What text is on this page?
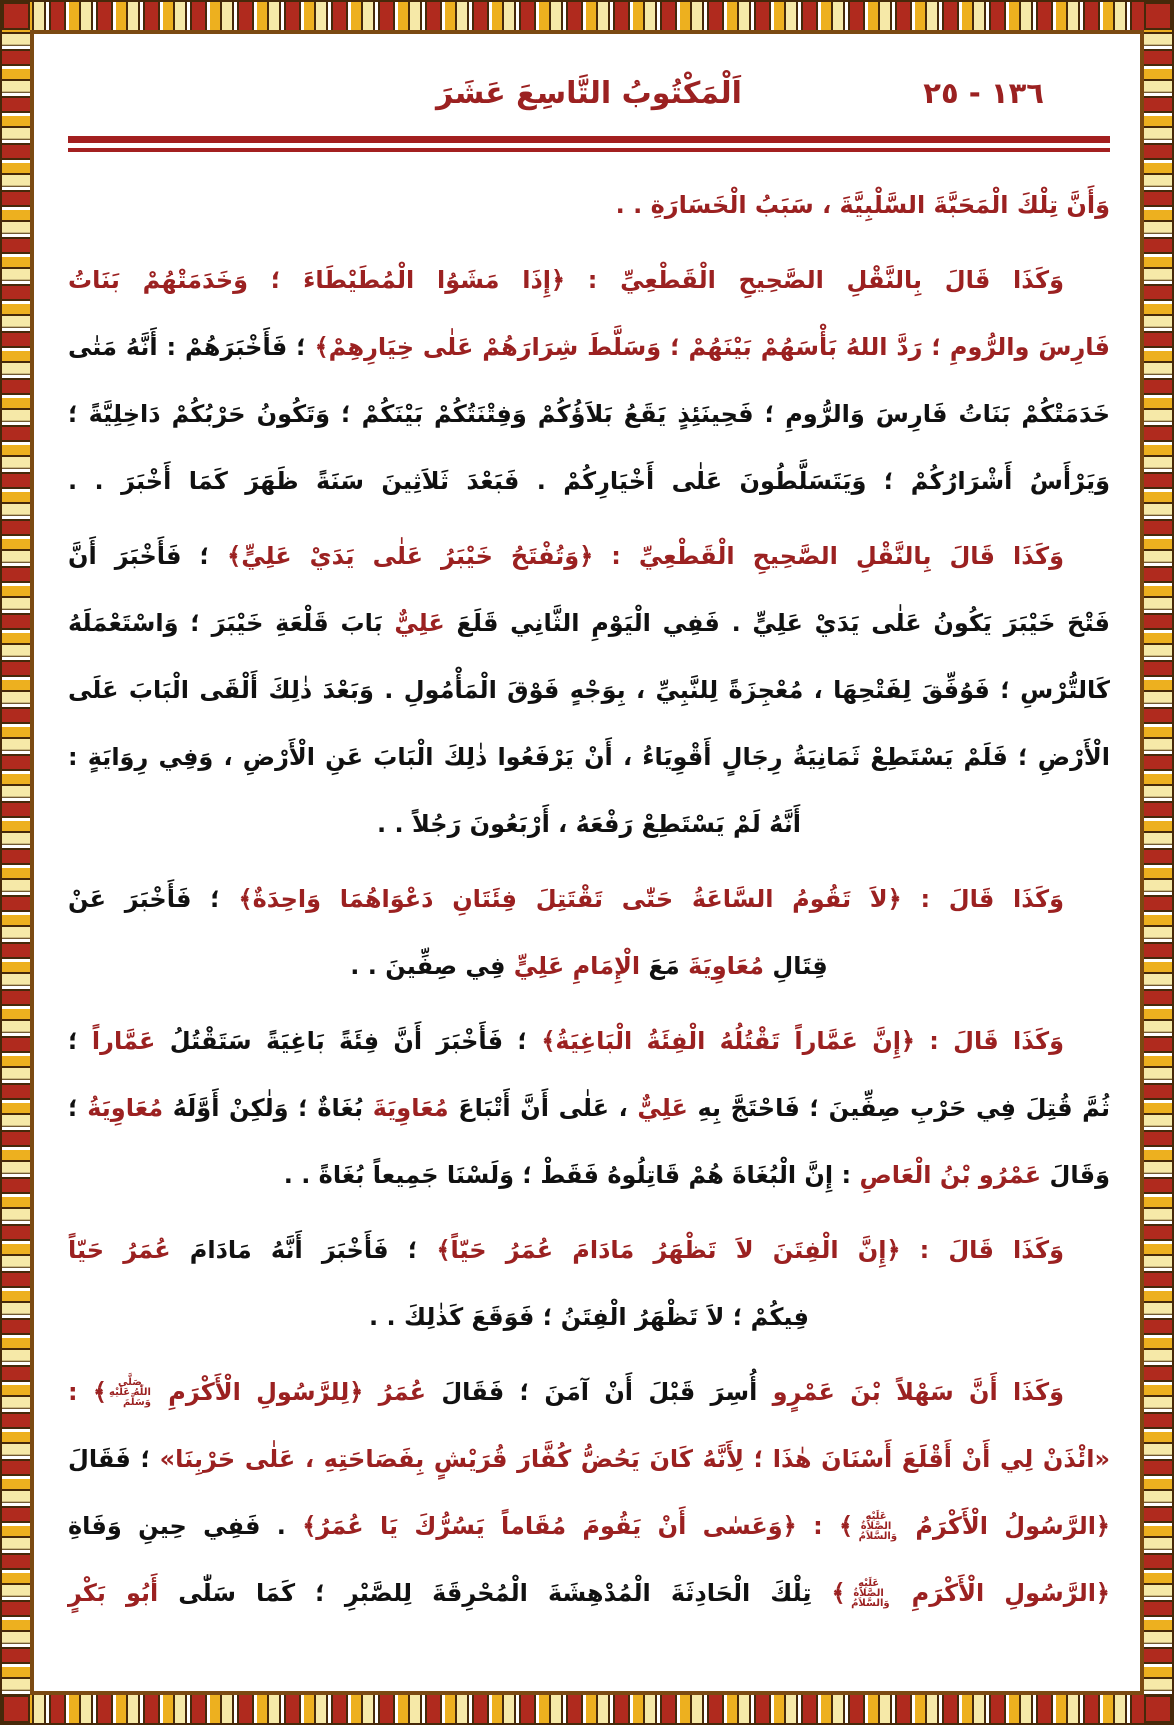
١٣٦ - ٢٥
اَلْمَكْتُوبُ التَّاسِعَ عَشَرَ
وَأَنَّ تِلْكَ الْمَحَبَّةَ السَّلْبِيَّةَ ، سَبَبُ الْخَسَارَةِ . .
وَكَذَا قَالَ بِالنَّقْلِ الصَّحِيحِ الْقَطْعِيِّ : ﴿إِذَا مَشَوُا الْمُطَيْطَاءَ ؛ وَخَدَمَتْهُمْ بَنَاتُ
فَارِسَ والرُّومِ ؛ رَدَّ اللهُ بَأْسَهُمْ بَيْنَهُمْ ؛ وَسَلَّطَ شِرَارَهُمْ عَلٰى خِيَارِهِمْ﴾ ؛ فَأَخْبَرَهُمْ : أَنَّهُ مَتٰى
خَدَمَتْكُمْ بَنَاتُ فَارِسَ وَالرُّومِ ؛ فَحِينَئِذٍ يَقَعُ بَلاَؤُكُمْ وَفِتْنَتُكُمْ بَيْنَكُمْ ؛ وَتَكُونُ حَرْبُكُمْ دَاخِلِيَّةً ؛
وَيَرْأَسُ أَشْرَارُكُمْ ؛ وَيَتَسَلَّطُونَ عَلٰى أَخْيَارِكُمْ . فَبَعْدَ ثَلاَثِينَ سَنَةً ظَهَرَ كَمَا أَخْبَرَ . .
وَكَذَا قَالَ بِالنَّقْلِ الصَّحِيحِ الْقَطْعِيِّ : ﴿وَتُفْتَحُ خَيْبَرُ عَلٰى يَدَيْ عَلِيٍّ﴾ ؛ فَأَخْبَرَ أَنَّ
فَتْحَ خَيْبَرَ يَكُونُ عَلٰى يَدَيْ عَلِيٍّ . فَفِي الْيَوْمِ الثَّانِي قَلَعَ عَلِيٌّ بَابَ قَلْعَةِ خَيْبَرَ ؛ وَاسْتَعْمَلَهُ
كَالتُّرْسِ ؛ فَوُفِّقَ لِفَتْحِهَا ، مُعْجِزَةً لِلنَّبِيِّ ، بِوَجْهٍ فَوْقَ الْمَأْمُولِ . وَبَعْدَ ذٰلِكَ أَلْقَى الْبَابَ عَلَى
الْأَرْضِ ؛ فَلَمْ يَسْتَطِعْ ثَمَانِيَةُ رِجَالٍ أَقْوِيَاءُ ، أَنْ يَرْفَعُوا ذٰلِكَ الْبَابَ عَنِ الْأَرْضِ ، وَفِي رِوَايَةٍ :
أَنَّهُ لَمْ يَسْتَطِعْ رَفْعَهُ ، أَرْبَعُونَ رَجُلاً . .
وَكَذَا قَالَ : ﴿لاَ تَقُومُ السَّاعَةُ حَتّٰى تَقْتَتِلَ فِئَتَانِ دَعْوَاهُمَا وَاحِدَةٌ﴾ ؛ فَأَخْبَرَ عَنْ
قِتَالِ مُعَاوِيَةَ مَعَ الْإِمَامِ عَلِيٍّ فِي صِفِّينَ . .
وَكَذَا قَالَ : ﴿إِنَّ عَمَّاراً تَقْتُلُهُ الْفِئَةُ الْبَاغِيَةُ﴾ ؛ فَأَخْبَرَ أَنَّ فِئَةً بَاغِيَةً سَتَقْتُلُ عَمَّاراً ؛
ثُمَّ قُتِلَ فِي حَرْبِ صِفِّينَ ؛ فَاحْتَجَّ بِهِ عَلِيٌّ ، عَلٰى أَنَّ أَتْبَاعَ مُعَاوِيَةَ بُغَاةٌ ؛ وَلٰكِنْ أَوَّلَهُ مُعَاوِيَةُ ؛
وَقَالَ عَمْرُو بْنُ الْعَاصِ : إِنَّ الْبُغَاةَ هُمْ قَاتِلُوهُ فَقَطْ ؛ وَلَسْنَا جَمِيعاً بُغَاةً . .
وَكَذَا قَالَ : ﴿إِنَّ الْفِتَنَ لاَ تَظْهَرُ مَادَامَ عُمَرُ حَيّاً﴾ ؛ فَأَخْبَرَ أَنَّهُ مَادَامَ عُمَرُ حَيّاً
فِيكُمْ ؛ لاَ تَظْهَرُ الْفِتَنُ ؛ فَوَقَعَ كَذٰلِكَ . .
وَكَذَا أَنَّ سَهْلاً بْنَ عَمْرٍو أُسِرَ قَبْلَ أَنْ آمَنَ ؛ فَقَالَ عُمَرُ ﴿لِلرَّسُولِ الْأَكْرَمِ صَلَّى اللّٰهُ عَلَيْهِ وَسَلَّمَ﴾ :
«ائْذَنْ لِي أَنْ أَقْلَعَ أَسْنَانَ هٰذَا ؛ لِأَنَّهُ كَانَ يَحُضُّ كُفَّارَ قُرَيْشٍ بِفَصَاحَتِهِ ، عَلٰى حَرْبِنَا» ؛ فَقَالَ
﴿الرَّسُولُ الْأَكْرَمُ عَلَيْهِ الصَّلاَةُ وَالسَّلاَمُ﴾ : ﴿وَعَسٰى أَنْ يَقُومَ مُقَاماً يَسُرُّكَ يَا عُمَرُ﴾ . فَفِي حِينِ وَفَاةِ
﴿الرَّسُولِ الْأَكْرَمِ عَلَيْهِ الصَّلاَةُ وَالسَّلاَمُ﴾ تِلْكَ الْحَادِثَةَ الْمُدْهِشَةَ الْمُحْرِقَةَ لِلصَّبْرِ ؛ كَمَا سَلّٰى أَبُو بَكْرٍ
